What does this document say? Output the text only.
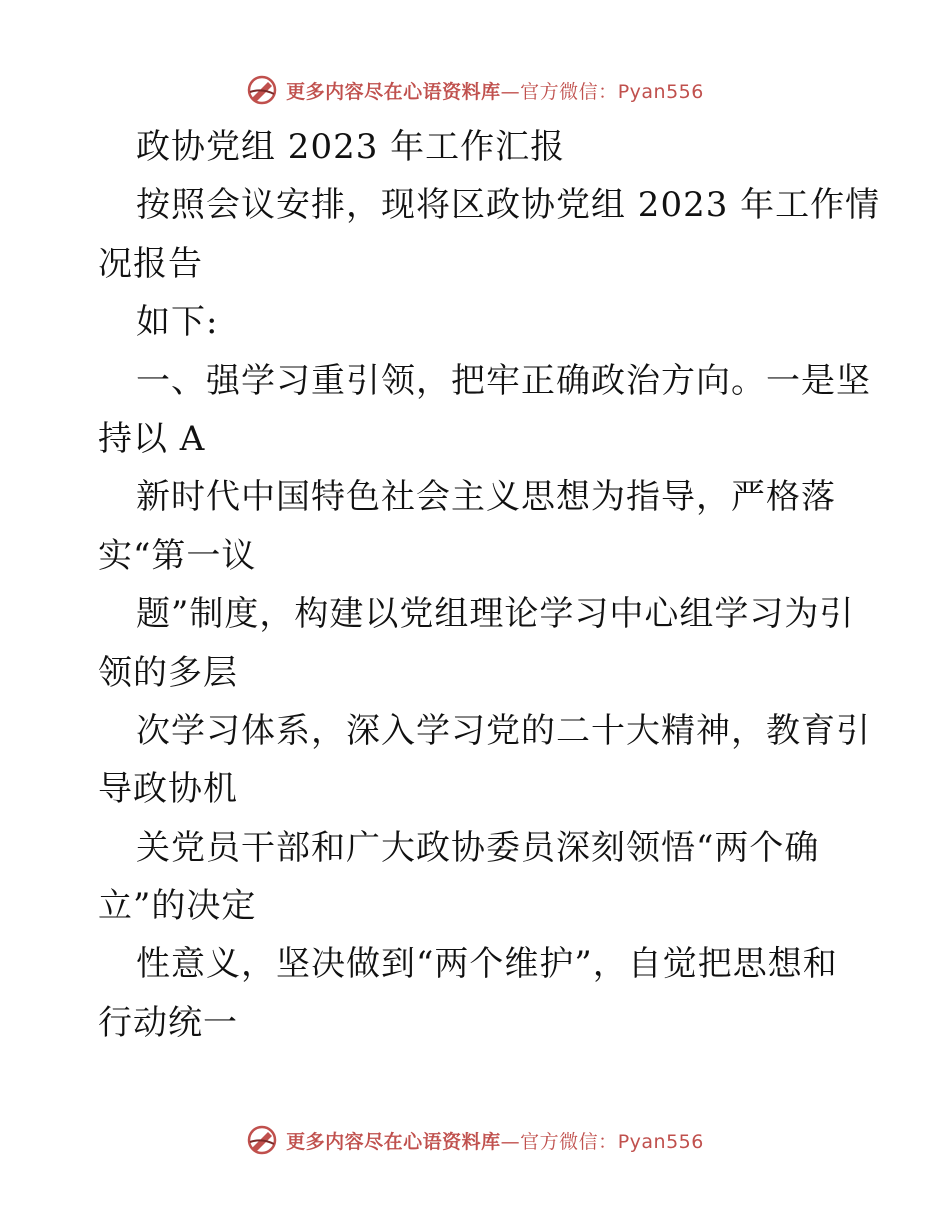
更多内容尽在心语资料库—官方微信：Pyan556
政协党组 2023 年工作汇报
按照会议安排，现将区政协党组 2023 年工作情
况报告
如下:
一、强学习重引领，把牢正确政治方向。一是坚
持以 A
新时代中国特色社会主义思想为指导，严格落
实“第一议
题”制度，构建以党组理论学习中心组学习为引
领的多层
次学习体系，深入学习党的二十大精神，教育引
导政协机
关党员干部和广大政协委员深刻领悟“两个确
立”的决定
性意义，坚决做到“两个维护”，自觉把思想和
行动统一
更多内容尽在心语资料库—官方微信：Pyan556
